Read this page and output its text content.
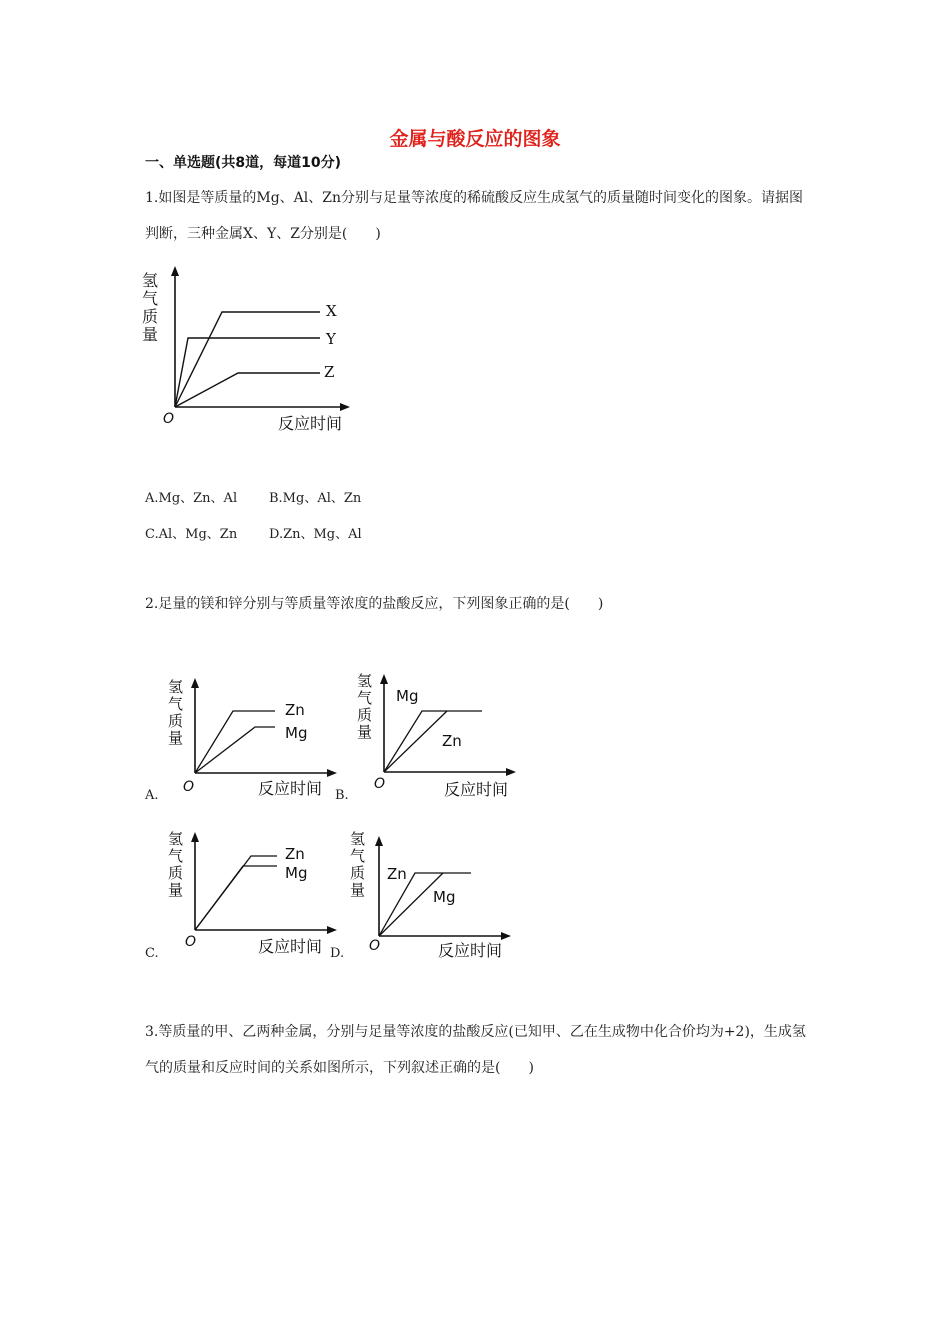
金属与酸反应的图象
一、单选题(共8道，每道10分)

1.如图是等质量的Mg、Al、Zn分别与足量等浓度的稀硫酸反应生成氢气的质量随时间变化的图象。请据图判断，三种金属X、Y、Z分别是(　　)

氢
气
质
量
X
Y
Z
O	反应时间
A.Mg、Zn、Al B.Mg、Al、Zn
C.Al、Mg、Zn D.Zn、Mg、Al

2.足量的镁和锌分别与等质量等浓度的盐酸反应，下列图象正确的是(　　)

氢
气
质
量
Zn
Mg
O	反应时间
A.
氢
气
质
量
Mg
Zn
O	反应时间
B.
氢
气
质
量
Zn
Mg
O	反应时间
C.
氢
气
质
量
Zn
Mg
O	反应时间
D.

3.等质量的甲、乙两种金属，分别与足量等浓度的盐酸反应(已知甲、乙在生成物中化合价均为+2)，生成氢气的质量和反应时间的关系如图所示，下列叙述正确的是(　　)
